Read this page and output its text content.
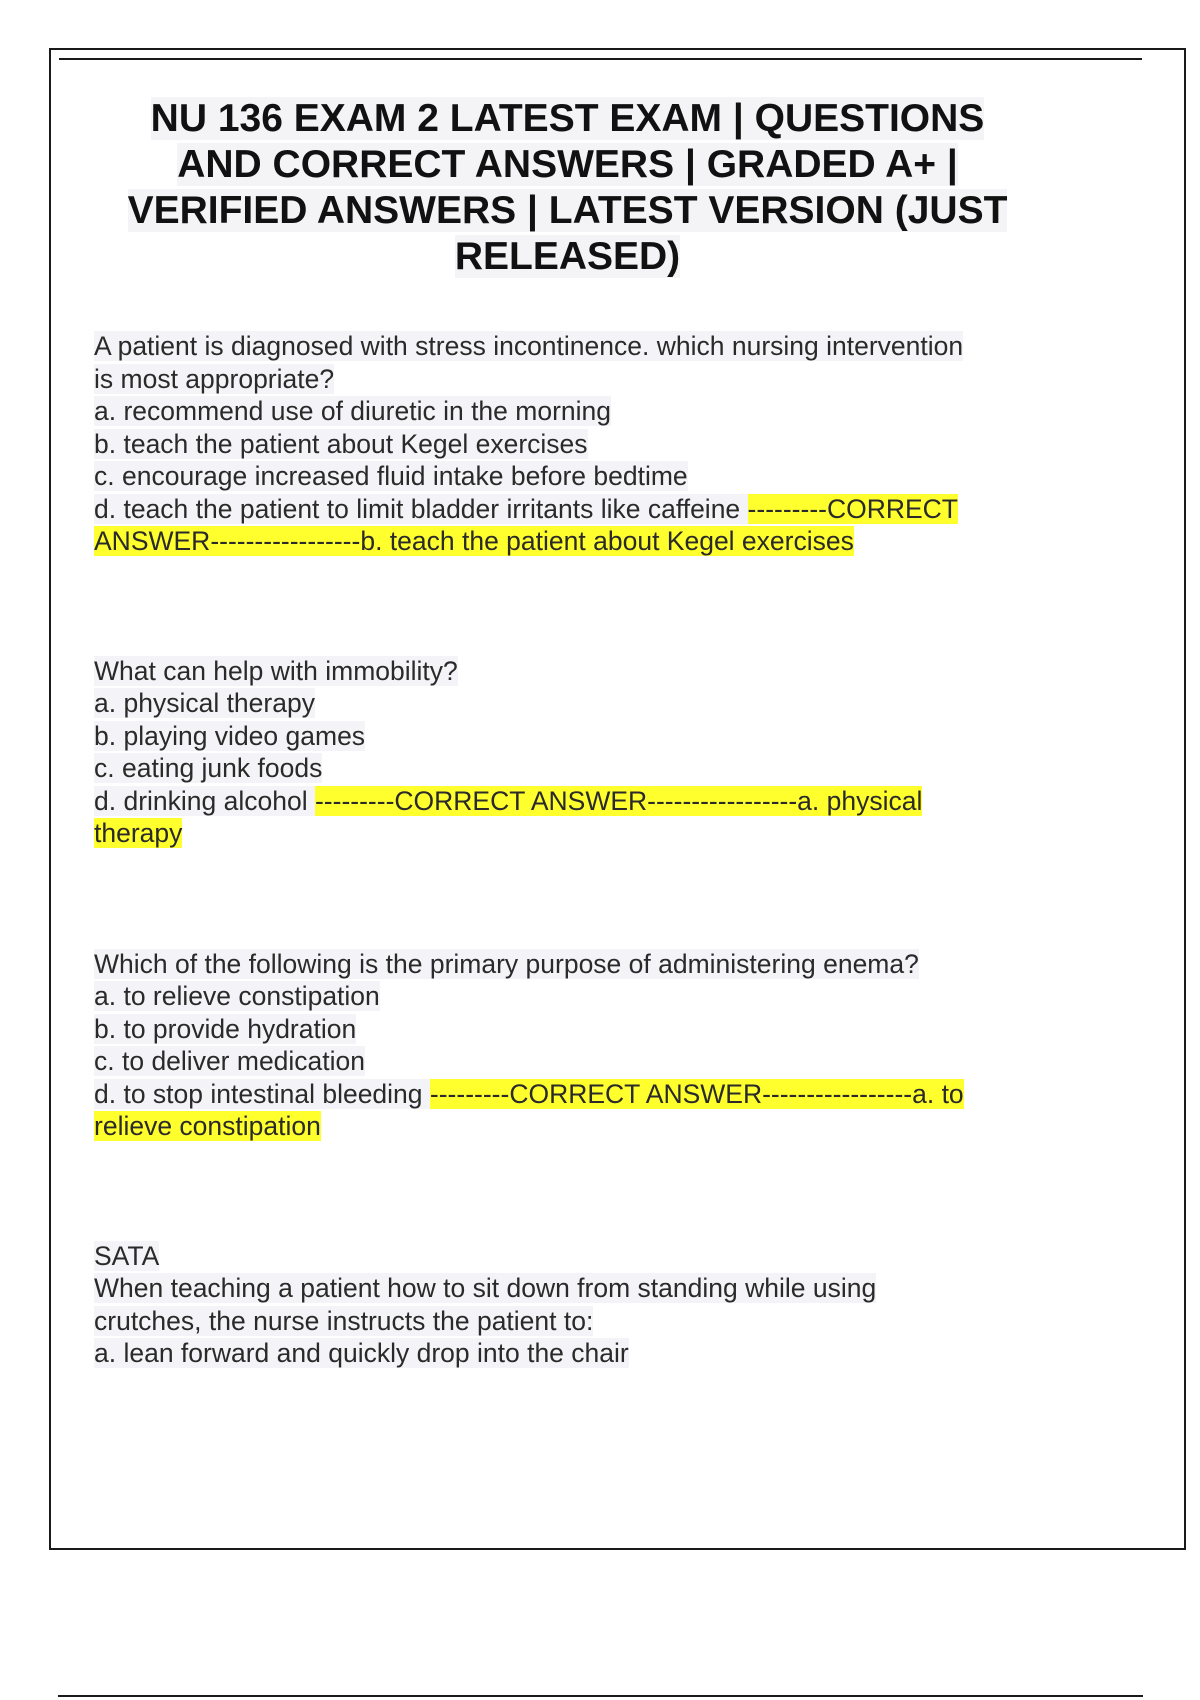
NU 136 EXAM 2 LATEST EXAM | QUESTIONS
AND CORRECT ANSWERS | GRADED A+ |
VERIFIED ANSWERS | LATEST VERSION (JUST
RELEASED)
A patient is diagnosed with stress incontinence. which nursing intervention
is most appropriate?
a. recommend use of diuretic in the morning
b. teach the patient about Kegel exercises
c. encourage increased fluid intake before bedtime
d. teach the patient to limit bladder irritants like caffeine ---------CORRECT
ANSWER-----------------b. teach the patient about Kegel exercises
What can help with immobility?
a. physical therapy
b. playing video games
c. eating junk foods
d. drinking alcohol ---------CORRECT ANSWER-----------------a. physical
therapy
Which of the following is the primary purpose of administering enema?
a. to relieve constipation
b. to provide hydration
c. to deliver medication
d. to stop intestinal bleeding ---------CORRECT ANSWER-----------------a. to
relieve constipation
SATA
When teaching a patient how to sit down from standing while using
crutches, the nurse instructs the patient to:
a. lean forward and quickly drop into the chair
